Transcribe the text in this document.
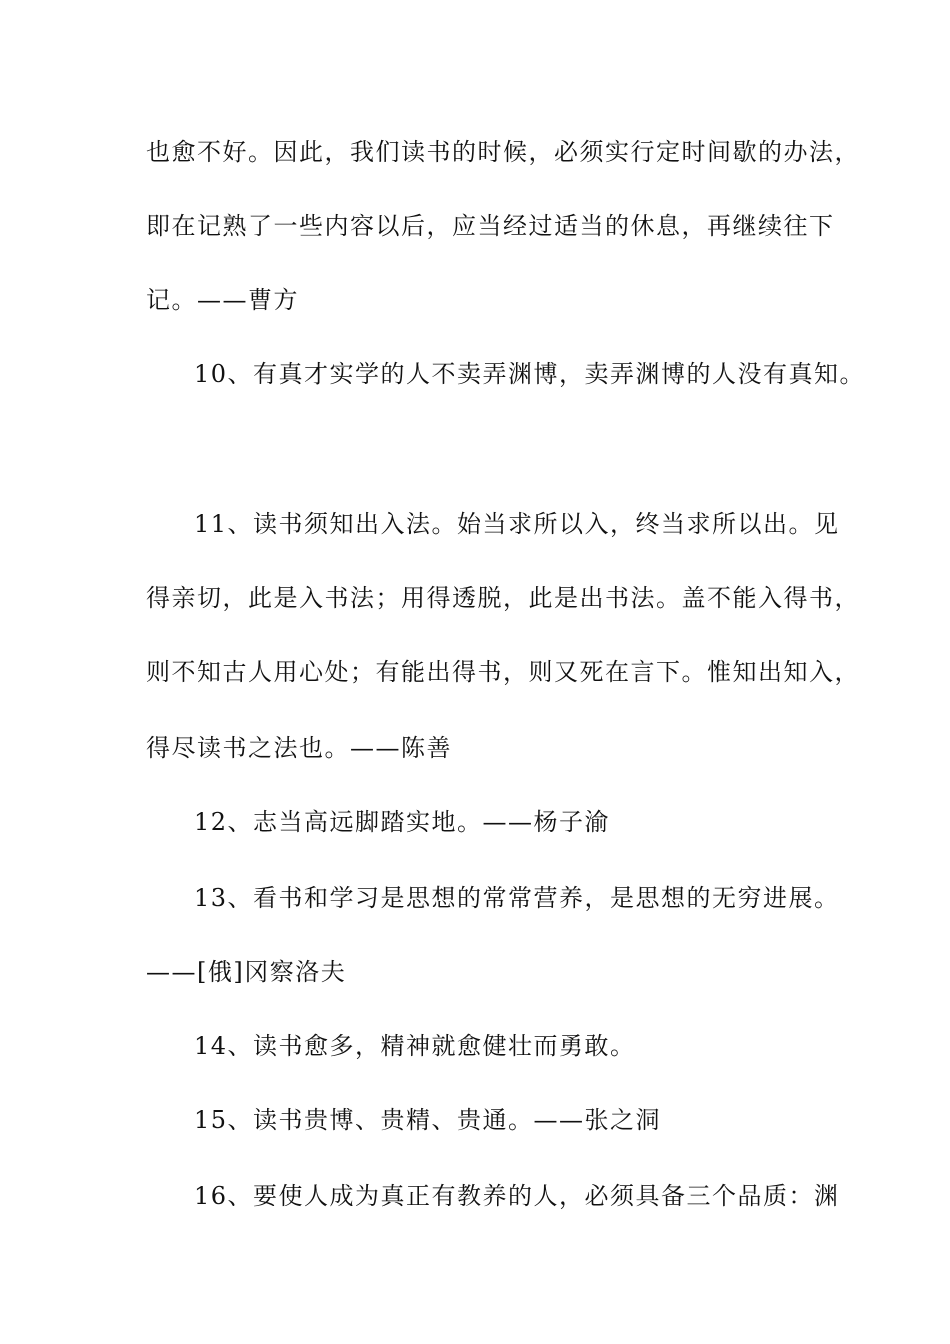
也愈不好。因此，我们读书的时候，必须实行定时间歇的办法，
即在记熟了一些内容以后，应当经过适当的休息，再继续往下
记。——曹方
10、有真才实学的人不卖弄渊博，卖弄渊博的人没有真知。
11、读书须知出入法。始当求所以入，终当求所以出。见
得亲切，此是入书法；用得透脱，此是出书法。盖不能入得书，
则不知古人用心处；有能出得书，则又死在言下。惟知出知入，
得尽读书之法也。——陈善
12、志当高远脚踏实地。——杨子渝
13、看书和学习是思想的常常营养，是思想的无穷进展。
——[俄]冈察洛夫
14、读书愈多，精神就愈健壮而勇敢。
15、读书贵博、贵精、贵通。——张之洞
16、要使人成为真正有教养的人，必须具备三个品质：渊
